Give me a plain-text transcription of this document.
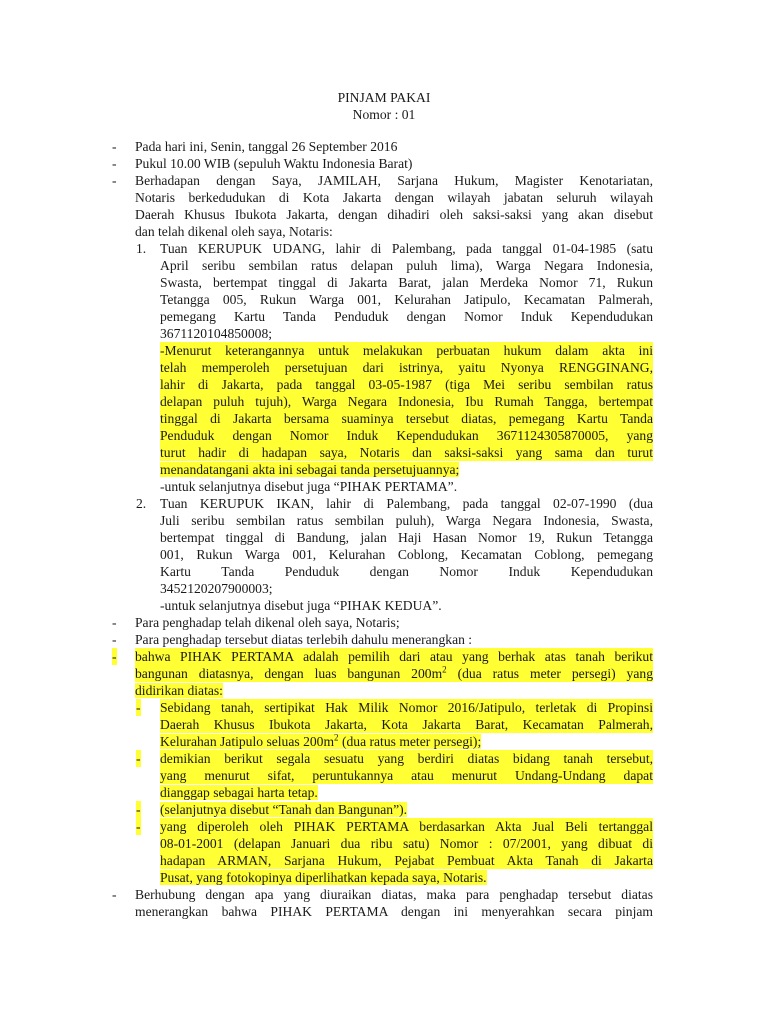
PINJAM PAKAI
Nomor : 01
- Pada hari ini, Senin, tanggal 26 September 2016
- Pukul 10.00 WIB (sepuluh Waktu Indonesia Barat)
- Berhadapan dengan Saya, JAMILAH, Sarjana Hukum, Magister Kenotariatan,
Notaris berkedudukan di Kota Jakarta dengan wilayah jabatan seluruh wilayah
Daerah Khusus Ibukota Jakarta, dengan dihadiri oleh saksi-saksi yang akan disebut
dan telah dikenal oleh saya, Notaris:
1. Tuan KERUPUK UDANG, lahir di Palembang, pada tanggal 01-04-1985 (satu
April seribu sembilan ratus delapan puluh lima), Warga Negara Indonesia,
Swasta, bertempat tinggal di Jakarta Barat, jalan Merdeka Nomor 71, Rukun
Tetangga 005, Rukun Warga 001, Kelurahan Jatipulo, Kecamatan Palmerah,
pemegang Kartu Tanda Penduduk dengan Nomor Induk Kependudukan
3671120104850008;
-Menurut keterangannya untuk melakukan perbuatan hukum dalam akta ini
telah memperoleh persetujuan dari istrinya, yaitu Nyonya RENGGINANG,
lahir di Jakarta, pada tanggal 03-05-1987 (tiga Mei seribu sembilan ratus
delapan puluh tujuh), Warga Negara Indonesia, Ibu Rumah Tangga, bertempat
tinggal di Jakarta bersama suaminya tersebut diatas, pemegang Kartu Tanda
Penduduk dengan Nomor Induk Kependudukan 3671124305870005, yang
turut hadir di hadapan saya, Notaris dan saksi-saksi yang sama dan turut
menandatangani akta ini sebagai tanda persetujuannya;
-untuk selanjutnya disebut juga “PIHAK PERTAMA”.
2. Tuan KERUPUK IKAN, lahir di Palembang, pada tanggal 02-07-1990 (dua
Juli seribu sembilan ratus sembilan puluh), Warga Negara Indonesia, Swasta,
bertempat tinggal di Bandung, jalan Haji Hasan Nomor 19, Rukun Tetangga
001, Rukun Warga 001, Kelurahan Coblong, Kecamatan Coblong, pemegang
Kartu Tanda Penduduk dengan Nomor Induk Kependudukan
3452120207900003;
-untuk selanjutnya disebut juga “PIHAK KEDUA”.
- Para penghadap telah dikenal oleh saya, Notaris;
- Para penghadap tersebut diatas terlebih dahulu menerangkan :
- bahwa PIHAK PERTAMA adalah pemilih dari atau yang berhak atas tanah berikut
bangunan diatasnya, dengan luas bangunan $200m^2$ (dua ratus meter persegi) yang
didirikan diatas:
- Sebidang tanah, sertipikat Hak Milik Nomor 2016/Jatipulo, terletak di Propinsi
Daerah Khusus Ibukota Jakarta, Kota Jakarta Barat, Kecamatan Palmerah,
Kelurahan Jatipulo seluas $200m^2$ (dua ratus meter persegi);
- demikian berikut segala sesuatu yang berdiri diatas bidang tanah tersebut,
yang menurut sifat, peruntukannya atau menurut Undang-Undang dapat
dianggap sebagai harta tetap.
- (selanjutnya disebut “Tanah dan Bangunan”).
- yang diperoleh oleh PIHAK PERTAMA berdasarkan Akta Jual Beli tertanggal
08-01-2001 (delapan Januari dua ribu satu) Nomor : 07/2001, yang dibuat di
hadapan ARMAN, Sarjana Hukum, Pejabat Pembuat Akta Tanah di Jakarta
Pusat, yang fotokopinya diperlihatkan kepada saya, Notaris.
- Berhubung dengan apa yang diuraikan diatas, maka para penghadap tersebut diatas
menerangkan bahwa PIHAK PERTAMA dengan ini menyerahkan secara pinjam
